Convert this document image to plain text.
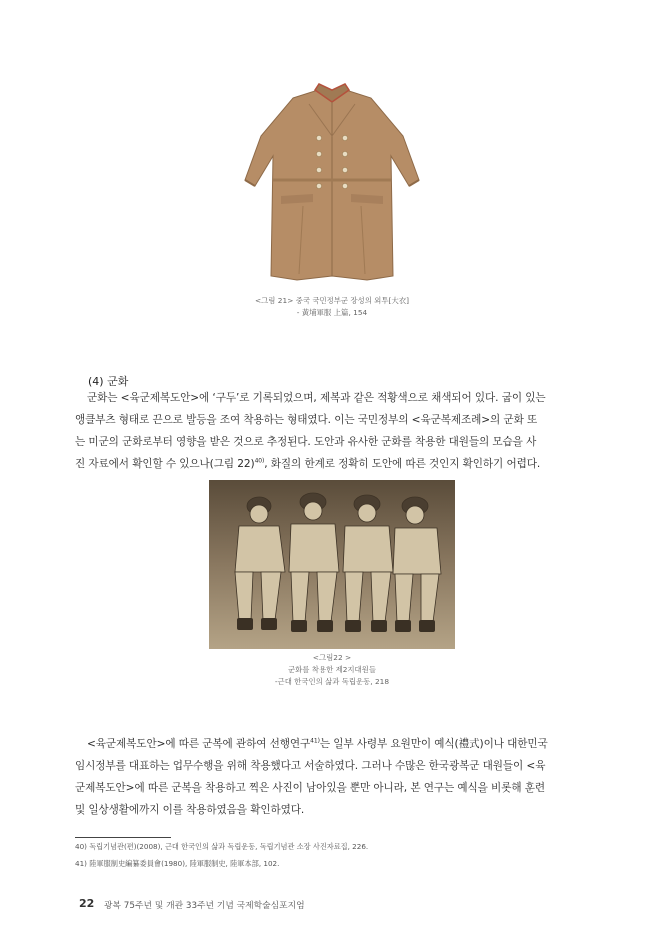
<그림 21> 중국 국민정부군 장성의 외투[大衣]
- 黃埔軍服 上篇, 154
(4) 군화
군화는 <육군제복도안>에 ‘구두’로 기록되었으며, 제복과 같은 적황색으로 채색되어 있다. 굽이 있는
앵클부츠 형태로 끈으로 발등을 조여 착용하는 형태였다. 이는 국민정부의 <육군복제조례>의 군화 또
는 미군의 군화로부터 영향을 받은 것으로 추정된다. 도안과 유사한 군화를 착용한 대원들의 모습을 사
진 자료에서 확인할 수 있으나(그림 22)$^{40)}$, 화질의 한계로 정확히 도안에 따른 것인지 확인하기 어렵다.
<그림22 >
군화를 착용한 제2지대원들
-근대 한국인의 삶과 독립운동, 218
<육군제복도안>에 따른 군복에 관하여 선행연구$^{41)}$는 일부 사령부 요원만이 예식(禮式)이나 대한민국
임시정부를 대표하는 업무수행을 위해 착용했다고 서술하였다. 그러나 수많은 한국광복군 대원들이 <육
군제복도안>에 따른 군복을 착용하고 찍은 사진이 남아있을 뿐만 아니라, 본 연구는 예식을 비롯해 훈련
및 일상생활에까지 이를 착용하였음을 확인하였다.
40) 독립기념관(편)(2008), 근대 한국인의 삶과 독립운동, 독립기념관 소장 사진자료집, 226.
41) 陸軍服制史編纂委員會(1980), 陸軍服制史, 陸軍本部, 102.
22 광복 75주년 및 개관 33주년 기념 국제학술심포지엄
